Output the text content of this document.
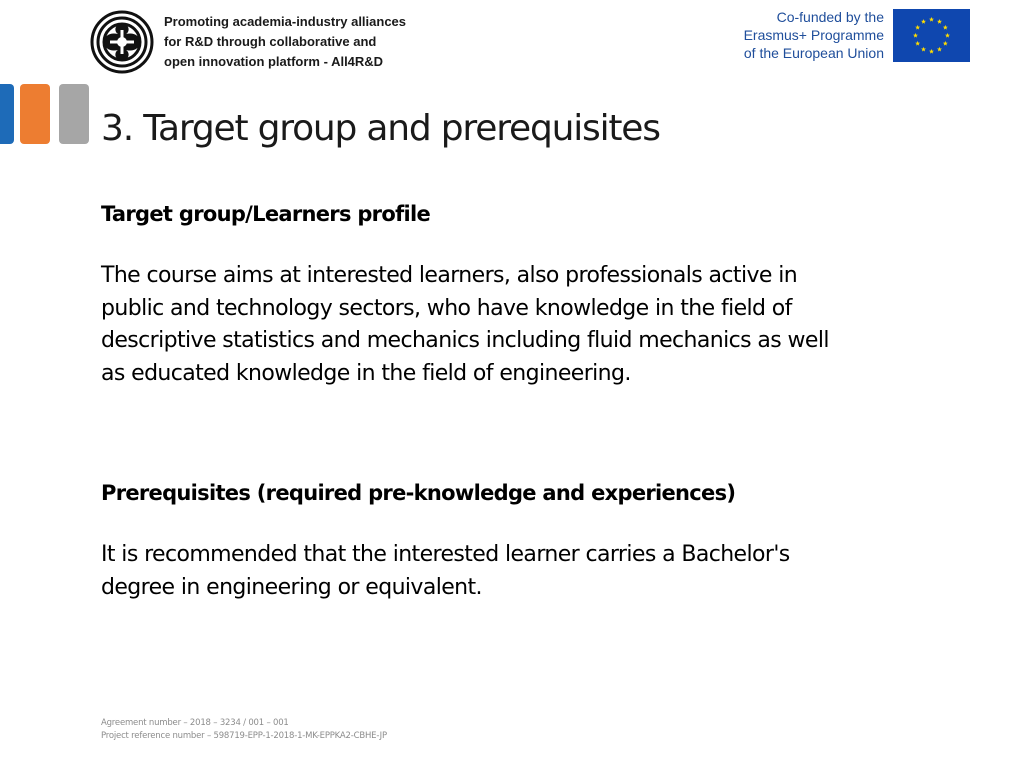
Promoting academia-industry alliances
for R&D through collaborative and
open innovation platform - All4R&D
Co-funded by the
Erasmus+ Programme
of the European Union
3. Target group and prerequisites
Target group/Learners profile

The course aims at interested learners, also professionals active in
public and technology sectors, who have knowledge in the field of
descriptive statistics and mechanics including fluid mechanics as well
as educated knowledge in the field of engineering.

Prerequisites (required pre-knowledge and experiences)

It is recommended that the interested learner carries a Bachelor's
degree in engineering or equivalent.

Agreement number – 2018 – 3234 / 001 – 001
Project reference number – 598719-EPP-1-2018-1-MK-EPPKA2-CBHE-JP
